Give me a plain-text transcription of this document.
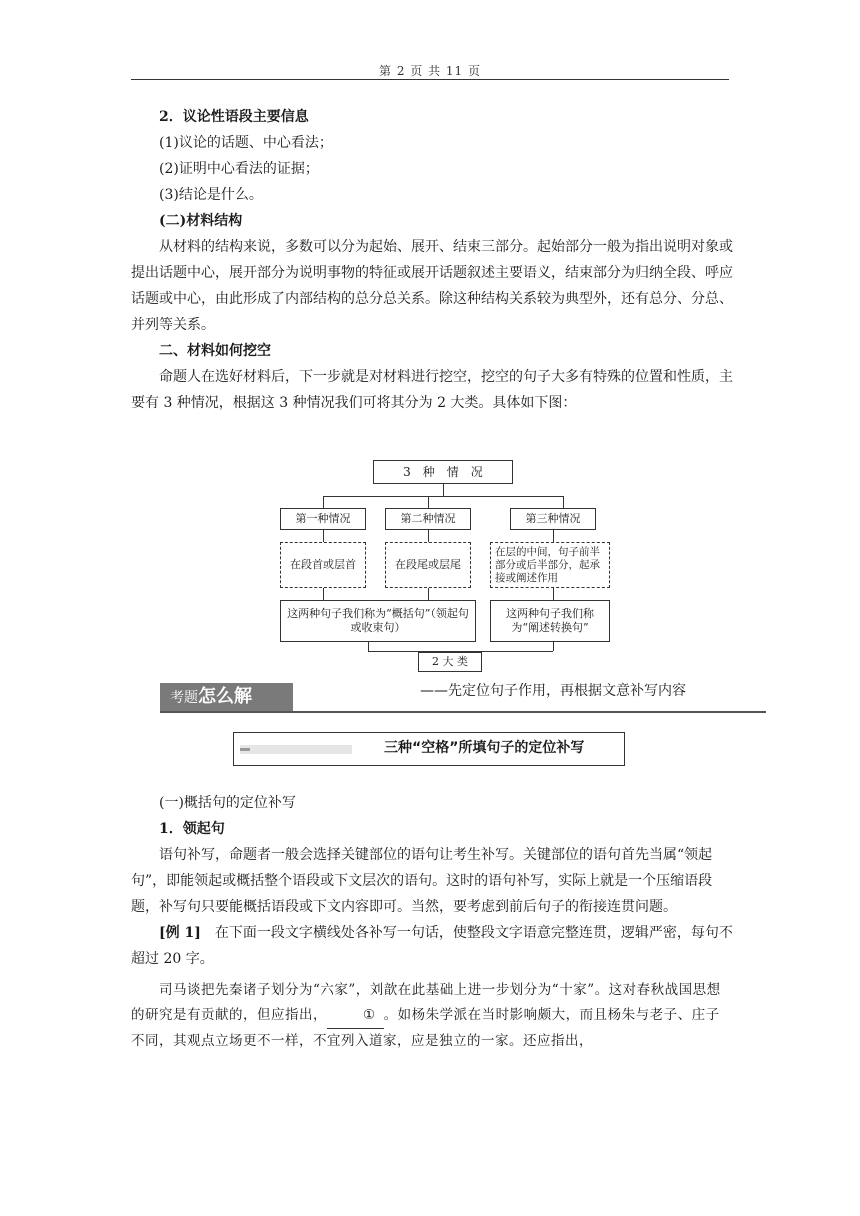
第 2 页 共 11 页

2．议论性语段主要信息

(1)议论的话题、中心看法；

(2)证明中心看法的证据；

(3)结论是什么。

(二)材料结构

从材料的结构来说，多数可以分为起始、展开、结束三部分。起始部分一般为指出说明对象或提出话题中心，展开部分为说明事物的特征或展开话题叙述主要语义，结束部分为归纳全段、呼应话题或中心，由此形成了内部结构的总分总关系。除这种结构关系较为典型外，还有总分、分总、并列等关系。

二、材料如何挖空

命题人在选好材料后，下一步就是对材料进行挖空，挖空的句子大多有特殊的位置和性质，主要有 3 种情况，根据这 3 种情况我们可将其分为 2 大类。具体如下图：

3　种　情　况
第一种情况	第二种情况	第三种情况
在段首或层首	在段尾或层尾
在层的中间，句子前半部分或后半部分，起承接或阐述作用
这两种句子我们称为“概括句”（领起句或收束句）
这两种句子我们称为“阐述转换句”
2 大 类
考题怎么解	——先定位句子作用，再根据文意补写内容
三种“空格”所填句子的定位补写

(一)概括句的定位补写

1．领起句

语句补写，命题者一般会选择关键部位的语句让考生补写。关键部位的语句首先当属“领起句”，即能领起或概括整个语段或下文层次的语句。这时的语句补写，实际上就是一个压缩语段题，补写句只要能概括语段或下文内容即可。当然，要考虑到前后句子的衔接连贯问题。

[例 1]　在下面一段文字横线处各补写一句话，使整段文字语意完整连贯，逻辑严密，每句不超过 20 字。

司马谈把先秦诸子划分为“六家”，刘歆在此基础上进一步划分为“十家”。这对春秋战国思想的研究是有贡献的，但应指出，	① 。如杨朱学派在当时影响颇大，而且杨朱与老子、庄子不同，其观点立场更不一样，不宜列入道家，应是独立的一家。还应指出，
